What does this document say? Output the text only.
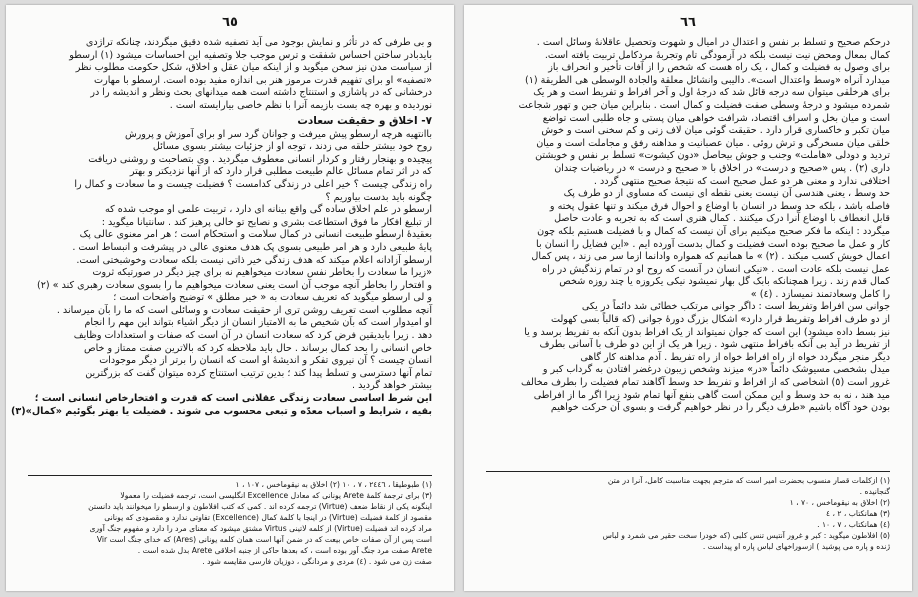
٦٥
و بی طرفی که در تأثر و نمایش بوجود می آید تصفیه شده دقیق میگردند، چنانکه تراژدی
بایدبادر ساختن احساس شفقت و ترس موجب جلا وتصفیه این احساسات میشود (١) ارسطو
از سیاست مدن نیز سخن میگوید و از اینکه میان عقل و اخلاق، شکل حکومت مطلوب نظر
«تصفیه» او برای تفهیم قدرت مرموز هنر بی اندازه مفید بوده است. ارسطو با مهارت
درخشانی که در پاشازی و استنتاج داشته است همه میدانهای بحث ونظر و اندیشه را در
نوردیده و بهره چه بست بازیمه آنرا با نظم خاصی بیارایسته است .
٧- اخلاق و حقیقت سعادت
باانتهیه هرچه ارسطو پیش میرفت و جوانان گرد سر او برای آموزش و پرورش
روح خود بیشتر حلقه می زدند ، توجه او از جزئیات بیشتر بسوی مسائل
پیچیده و بهنجار رفتار و کردار انسانی معطوف میگردید . وی بتصاحبت و روشنی دریافت
که در اثر تمام مسائل عالم طبیعت مطلبی قرار دارد که از آنها نزدیکتر و بهتر
راه زندگی چیست ؟ خیر اعلی در زندگی کدامست ؟ فضیلت چیست و ما سعادت و کمال را
چگونه باید بدست بیاوریم ؟
ارسطو در علم اخلاق ساده گی واقع بینانه ای دارد ، تربیت علمی او موجب شده که
از تبلیغ افکار ما فوق استطاعت بشری و نصایح تو خالی پرهیز کند . سانتیانا میگوید :
بعقیدهٔ ارسطو طبیعت انسانی در کمال سلامت و استحکام است ؛ هر امر معنوی عالی پک
پایهٔ طبیعی دارد و هر امر طبیعی بسوی پک هدف معنوی عالی در پیشرفت و انبساط است .
ارسطو آزادانه اعلام میکند که هدف زندگی خیر ذاتی نیست بلکه سعادت وخوشبختی است.
«زیرا ما سعادت را بخاطر نفس سعادت میخواهیم نه برای چیز دیگر در صورتیکه ثروت
و افتخار را بخاطر آنچه موجب آن است یعنی سعادت میخواهیم ما را بسوی سعادت رهبری کند » (٢)
و لی ارسطو میگوید که تعریف سعادت به « خیر مطلق » توضیح واضحات است ؛
آنچه مطلوب است تعریف روشن تری از حقیقت سعادت و وسائلی است که ما را بآن میرساند .
او امیدوار است که بآن شخیص ما به الامتیاز انسان از دیگر اشیاء بتواند این مهم را انجام
دهد . زیرا بایدیقین فرض کرد که سعادت انسان در آن است که صفات و استعدادات وظایف
خاص انسانی را بحد کمال برساند . حال باید ملاحظه کرد که بالاترین صفت ممتاز و خاص
انسان چیست ؟ آن نیروی تفکر و اندیشهٔ او است که انسان را برتر از دیگر موجودات
تمام آنها دسترسی و تسلط پیدا کند ؛ بدین ترتیب استنتاج کرده میتوان گفت که بزرگترین
بیشتر خواهد گردید .
این شرط اساسی سعادت زندگی عقلانی است که قدرت و افتخارخاص انسانی است ؛
بقیه ، شرایط و اسباب معدّه و تبعی محسوب می شوند . فضیلت یا بهتر بگوئیم «کمال»(٣)
(١) طبوطیقا ، ٢٤٤٦ ، ٧ ، ١٠ (٢) اخلاق به نیقوماخس ، ١٠٧ ، ١
(٣) برای ترجمهٔ کلمهٔ Arete یونانی که معادل Excellence انگلیسی است، ترجمه فضیلت را معمولا
اینگونه یکی از نقاط ضعف (Virtue) ترجمه کرده اند . کمی که کتب افلاطون و ارسطو را میخوانند باید دانستن
مقصود از کلمهٔ فضیلت (Virtue) در اینجا با کلمهٔ کمال (Excellence) تفاوتی ندارد و مقصودی که یونانی
مراد کرده اند فضیلت (Virtue) از کلمه لاتینی Virtus مشتق میشود که معنای مرد را دارد و مفهوم جنگ آوری
است پس از آن صفات خاص بیعت که در ضمن آنها است همان کلمه یونانی (Ares) که خدای جنگ است Vir
Arete صفت مرد جنگ آور بوده است ، که بعدها حاکی از جنبه اخلاقی Arete بدل شده است .
صفت زن می شود . (٤) مردی و مردانگی ، دوزیان فارسی مقایسه شود .
٦٦
درحکم صحیح و تسلط بر نفس و اعتدال در امیال و شهوت وتحصیل عاقلانهٔ وسائل است .
کمال بمعال ومحض نیت نیست بلکه در آزمودگی تام وتجربهٔ مردکامل تربیت یافته است.
برای وصول به فضیلت و کمال ، یک راه هست که شخص را از آفات تأخیر و انحراف باز
میدارد آنراه «وسط واعتدال است». دالیبی وانشائل معلقة والجادة الوسطی هی الطریقة (١)
برای هرخلقی میتوان سه درجه قائل شد که درجهٔ اول و آخر افراط و تفریط است و هر یک
شمرده میشود و درجهٔ وسطی صفت فضیلت و کمال است . بنابراین میان جبن و تهور شجاعت
است و میان بخل و اسراف اقتصاد، شرافت خواهی میان پستی و جاه طلبی است تواضع
میان تکبر و خاکساری قرار دارد . حقیقت گوئی میان لاف زنی و کم سخنی است و خوش
خلقی میان مسخرگی و ترش روئی . میان عصبانیت و مداهنه رفق و مجاملت است و میان
تردید و دودلی «هاملت» وجنب و جوش بیحاصل «دون کیشوت» تسلط بر نفس و خویشتن
داری (٢) . پس «صحیح و درست» در اخلاق با « صحیح و درست » در ریاضیات چندان
اختلافی ندارد و معنی هر دو عمل صحیح است که نتیجهٔ صحیح منتهی گردد .
حد وسط ، یعنی هندسی آن نیست یعنی نقطه ای نیست که مساوی از دو طرف پک
فاصله باشد ، بلکه حد وسط در انسان با اوضاع و احوال فرق میکند و تنها عقول پخته و
قابل انعطاف با اوضاع آنرا درک میکنند . کمال هنری است که به تجربه و عادت حاصل
میگردد : اینکه ما فکر صحیح میکنیم برای آن نیست که کمال و با فضیلت هستیم بلکه چون
کار و عمل ما صحیح بوده است فضیلت و کمال بدست آورده ایم . «این فضایل را انسان با
اعمال خویش کسب میکند . (٢) » ما همانیم که همواره وادانما ازما سر می زند ، پس کمال
عمل نیست بلکه عادت است . «نیکی انسان در آنست که روح او در تمام زندگیش در راه
کمال قدم زند . زیرا همچنانکه بابک گل بهار نمیشود نیکی یکروزه یا چند روزه شخص
را کامل وسعادتمند نمیسازد . (٤) »
جوانی سن افراط وتفریط است : داگر جوانی مرتکب خطائی شد دائماً در یکی
از دو طرف افراط وتفریط قرار دارد» اشکال بزرگ دورهٔ جوانی (که قالباً بسی کهولت
نیز بسط داده میشود) این است که جوان نمیتواند از یک افراط بدون آنکه به تفریط برسد و یا
از تفریط در آید بی آنکه بافراط منتهی شود . زیرا هر یک از این دو طرف با آسانی بطرف
دیگر منجر میگردد خواه از راه افراط خواه از راه تفریط . آدم مداهنه کار گاهی
میدل بشخصی مسیوشک دائماً «در» میزند وشخص زیبون درغضر افتادن به گرداب کبر و
غرور است (٥) اشخاصی که از افراط و تفریط حد وسط آگاهند تمام فضیلت را بطرف مخالف
مید هند ، نه به حد وسط و این ممکن است گاهی بنفع آنها تمام شود زیرا اگر ما از افراطی
بودن خود آگاه باشیم «طرف دیگر را در نظر خواهیم گرفت و بسوی آن حرکت خواهیم
(١) ازکلمات قصار منسوب بحضرت امیر است که مترجم بجهت مناسبت کامل، آنرا در متن
گنجانیده .
(٢) اخلاق به نیقوماخس ، ٧٠ ، ١
(٣) همانکتاب ، ٢ ، ٤
(٤) همانکتاب ، ٧ ، ١٠ .
(٥) افلاطون میگوید : کبر و غرور آنتیس تنس کلبی (که خودرا سخت حقیر می شمرد و لباس
ژنده و پاره می پوشید ) ازسوراخهای لباس پاره او پیداست .
